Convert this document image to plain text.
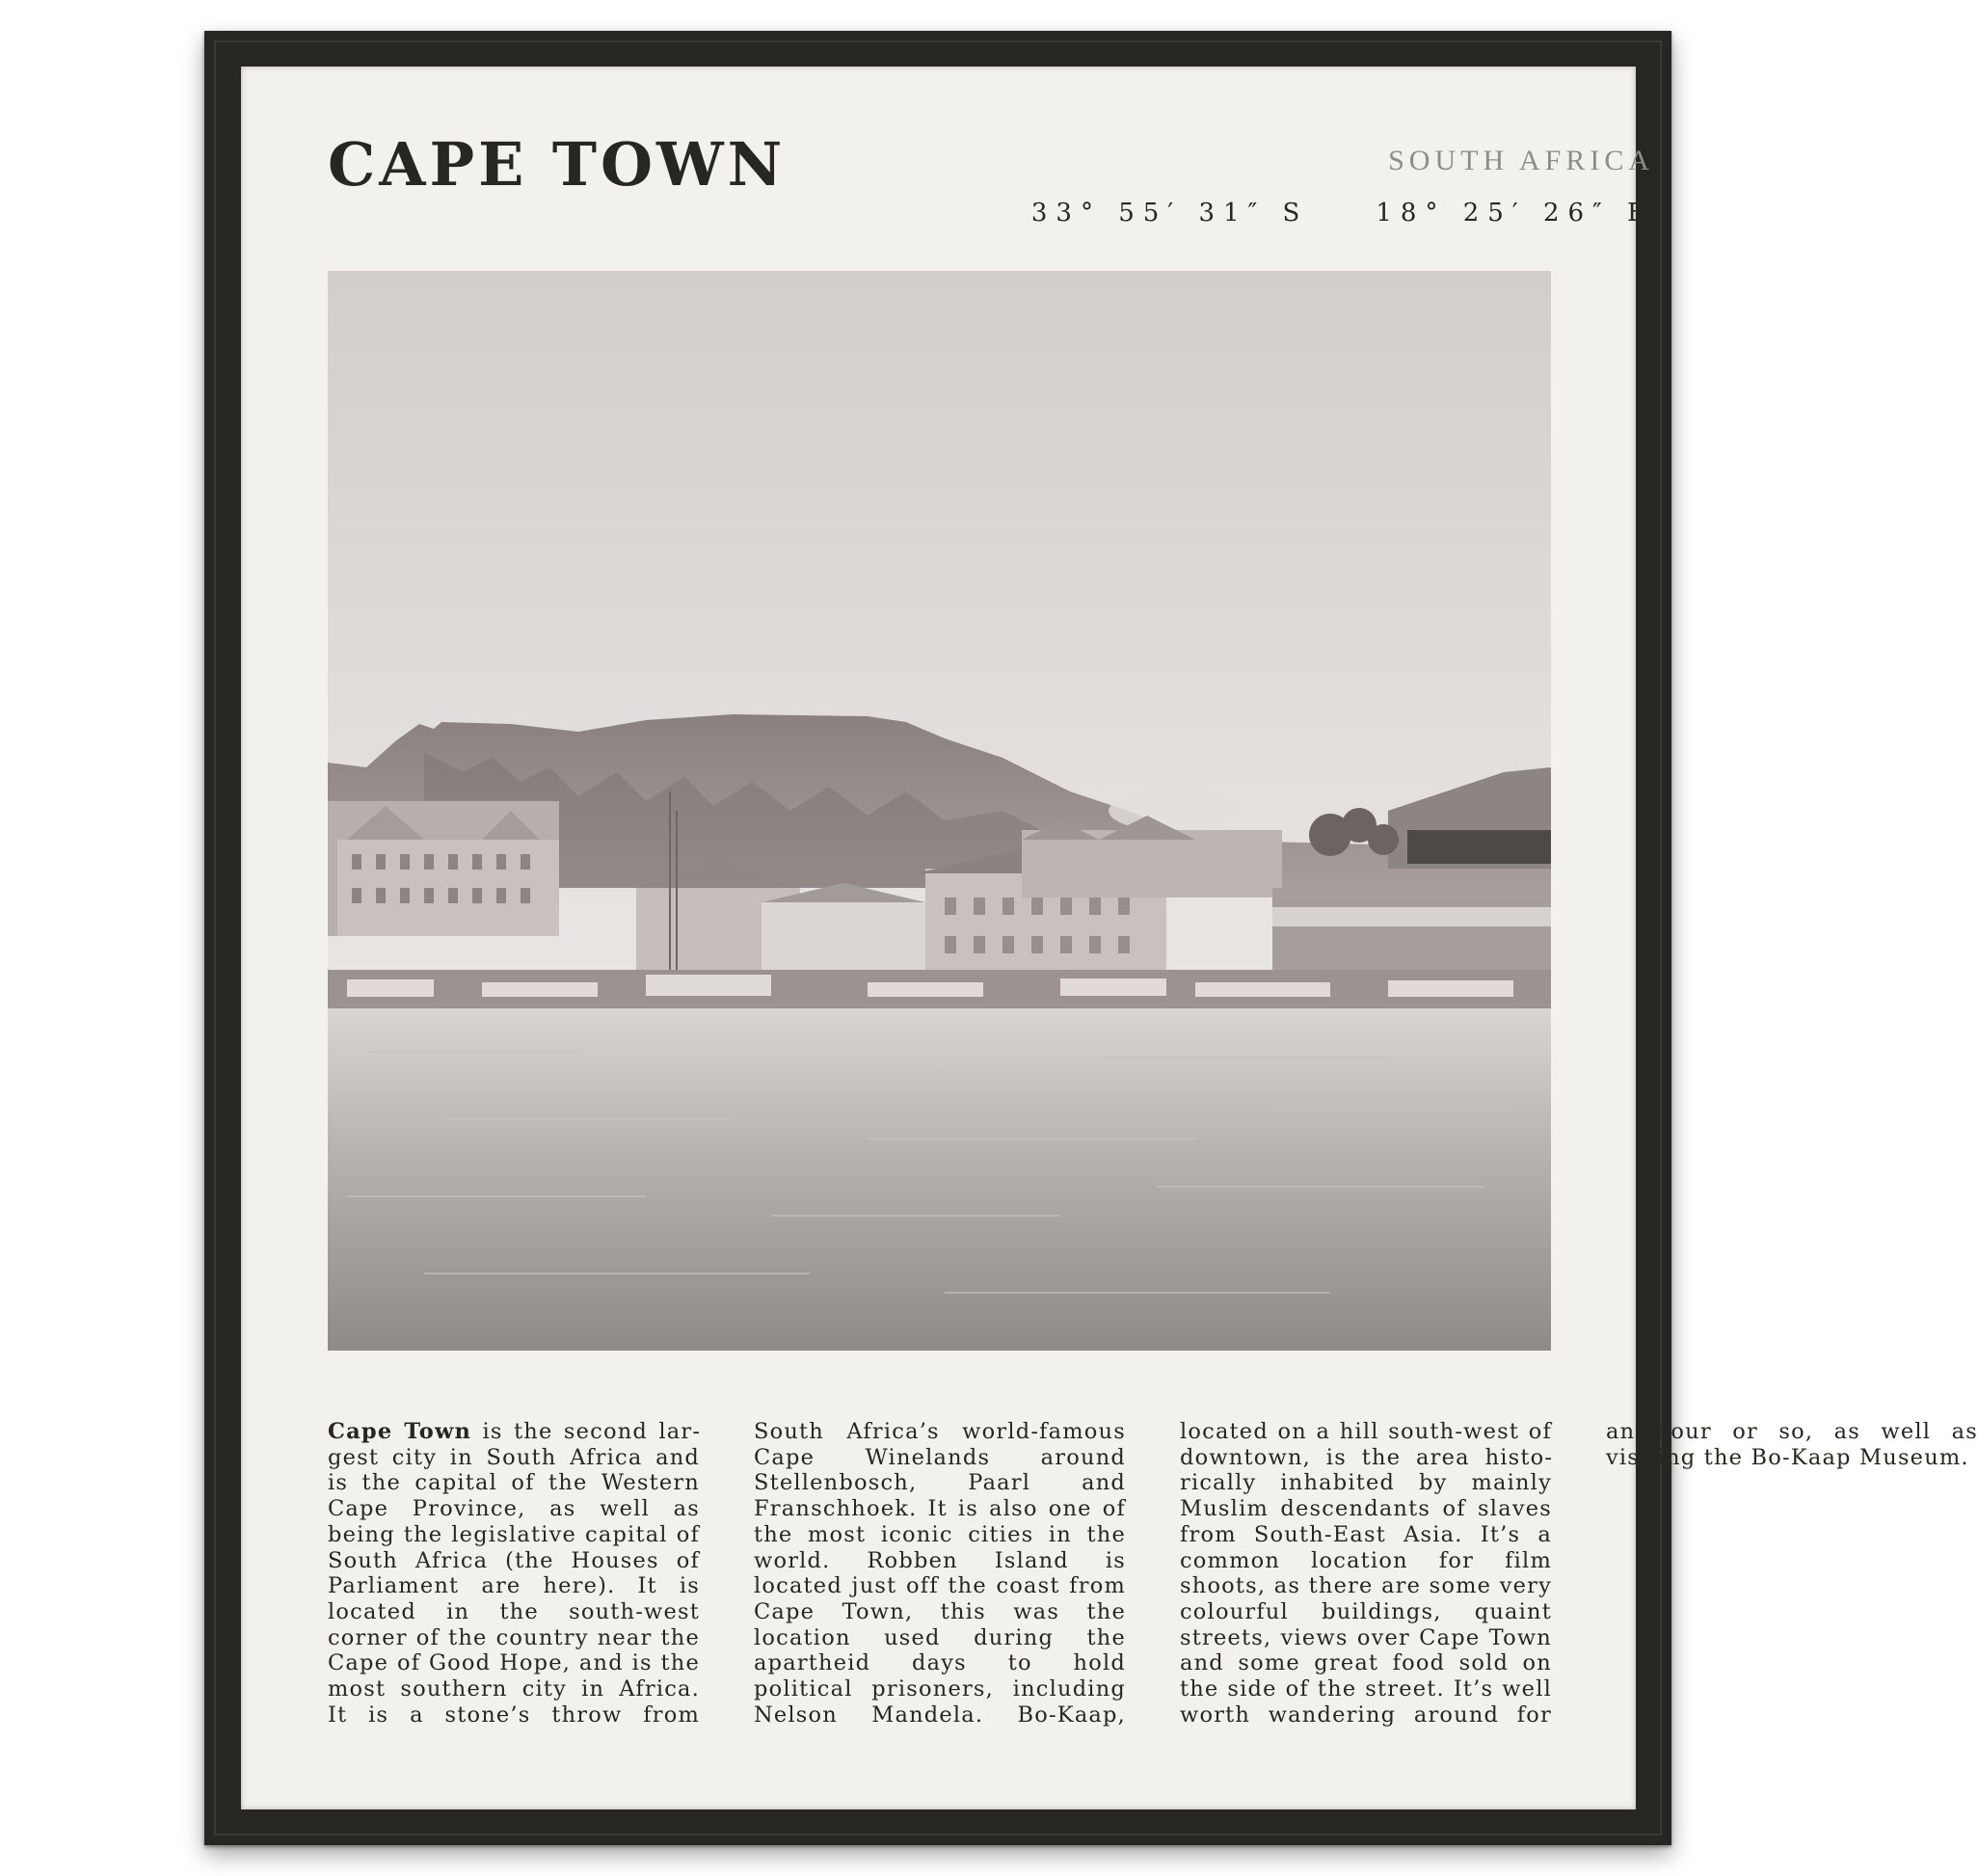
CAPE TOWN	SOUTH AFRICA
33° 55′ 31″ S	18° 25′ 26″ E

Cape Town is the second largest city in South Africa and is the capital of the Western Cape Province, as well as being the legislative capital of South Africa (the Houses of Parliament are here). It is located in the south-west corner of the country near the Cape of Good Hope, and is the most southern city in Africa. It is a stone’s throw from South Africa’s world-famous Cape Winelands around Stellenbosch, Paarl and Franschhoek. It is also one of the most iconic cities in the world. Robben Island is located just off the coast from Cape Town, this was the location used during the apartheid days to hold political prisoners, including Nelson Mandela. Bo-Kaap, located on a hill south-west of downtown, is the area historically inhabited by mainly Muslim descendants of slaves from South-East Asia. It’s a common location for film shoots, as there are some very colourful buildings, quaint streets, views over Cape Town and some great food sold on the side of the street. It’s well worth wandering around for an hour or so, as well as visiting the Bo-Kaap Museum.
